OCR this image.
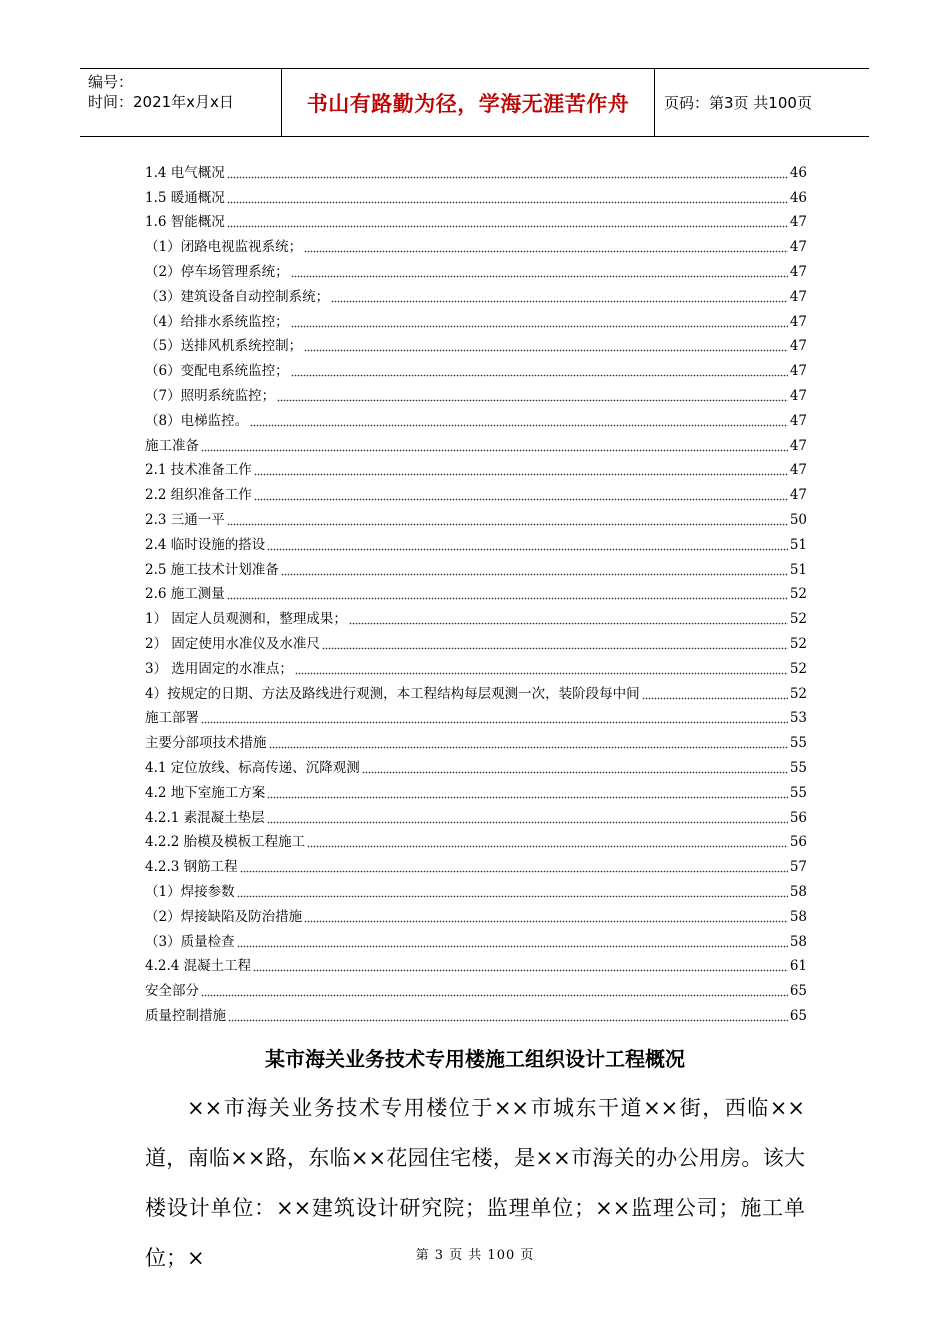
编号：
时间：2021年x月x日	书山有路勤为径，学海无涯苦作舟	页码：第3页 共100页
1.4 电气概况	46
1.5 暖通概况	46
1.6 智能概况	47
（1）闭路电视监视系统；	47
（2）停车场管理系统；	47
（3）建筑设备自动控制系统；	47
（4）给排水系统监控；	47
（5）送排风机系统控制；	47
（6）变配电系统监控；	47
（7）照明系统监控；	47
（8）电梯监控。	47
施工准备	47
2.1 技术准备工作	47
2.2 组织准备工作	47
2.3 三通一平	50
2.4 临时设施的搭设	51
2.5 施工技术计划准备	51
2.6 施工测量	52
1） 固定人员观测和，整理成果；	52
2） 固定使用水准仪及水准尺	52
3） 选用固定的水准点；	52
4）按规定的日期、方法及路线进行观测，本工程结构每层观测一次，装阶段每中间	52
施工部署	53
主要分部项技术措施	55
4.1 定位放线、标高传递、沉降观测	55
4.2 地下室施工方案	55
4.2.1 素混凝土垫层	56
4.2.2 胎模及模板工程施工	56
4.2.3 钢筋工程	57
（1）焊接参数	58
（2）焊接缺陷及防治措施	58
（3）质量检查	58
4.2.4 混凝土工程	61
安全部分	65
质量控制措施	65
某市海关业务技术专用楼施工组织设计工程概况

××市海关业务技术专用楼位于××市城东干道××街，西临××道，南临××路，东临××花园住宅楼，是××市海关的办公用房。该大楼设计单位：××建筑设计研究院；监理单位；××监理公司；施工单位；×	第 3 页 共 100 页
